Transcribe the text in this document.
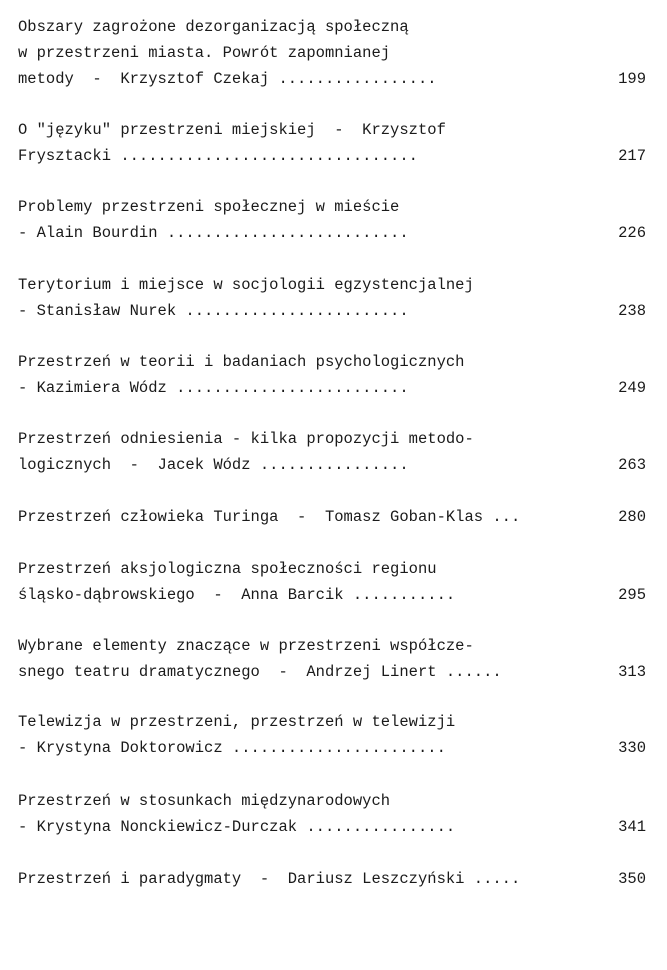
Obszary zagrożone dezorganizacją społeczną
w przestrzeni miasta. Powrót zapomnianej

metody  -  Krzysztof Czekaj .................

	199

O "języku" przestrzeni miejskiej  -  Krzysztof

Frysztacki ................................

	217

Problemy przestrzeni społecznej w mieście

- Alain Bourdin ..........................

	226

Terytorium i miejsce w socjologii egzystencjalnej

- Stanisław Nurek ........................

	238

Przestrzeń w teorii i badaniach psychologicznych

- Kazimiera Wódz .........................

	249

Przestrzeń odniesienia - kilka propozycji metodo-

logicznych  -  Jacek Wódz ................

	263

Przestrzeń człowieka Turinga  -  Tomasz Goban-Klas ...

	280

Przestrzeń aksjologiczna społeczności regionu

śląsko-dąbrowskiego  -  Anna Barcik ...........

	295

Wybrane elementy znaczące w przestrzeni współcze-

snego teatru dramatycznego  -  Andrzej Linert ......

	313

Telewizja w przestrzeni, przestrzeń w telewizji

- Krystyna Doktorowicz .......................

	330

Przestrzeń w stosunkach międzynarodowych

- Krystyna Nonckiewicz-Durczak ................

	341

Przestrzeń i paradygmaty  -  Dariusz Leszczyński .....

	350
